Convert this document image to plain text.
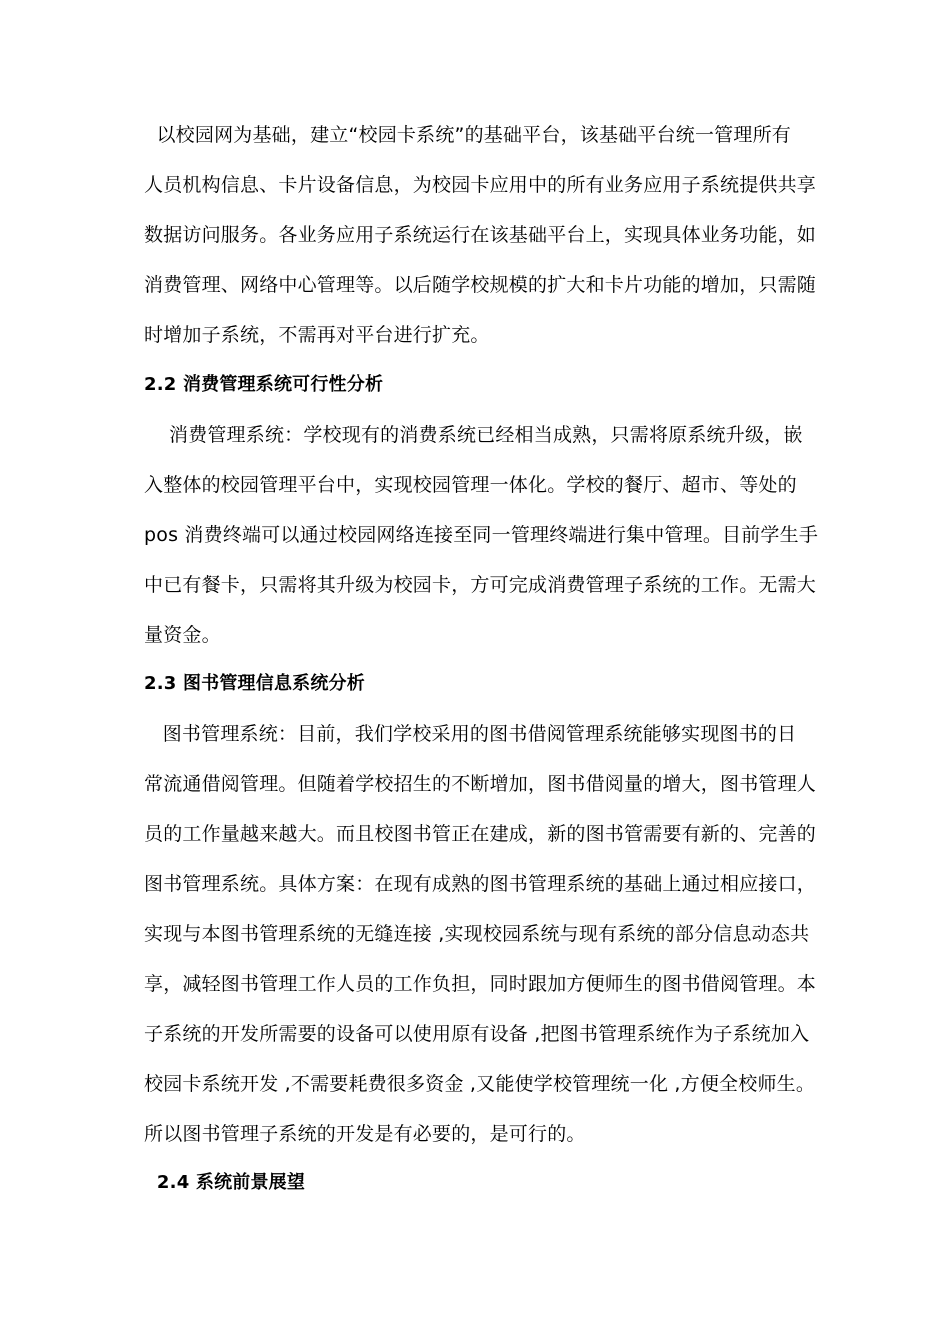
以校园网为基础，建立“校园卡系统”的基础平台，该基础平台统一管理所有
人员机构信息、卡片设备信息，为校园卡应用中的所有业务应用子系统提供共享
数据访问服务。各业务应用子系统运行在该基础平台上，实现具体业务功能，如
消费管理、网络中心管理等。以后随学校规模的扩大和卡片功能的增加，只需随
时增加子系统，不需再对平台进行扩充。
2.2 消费管理系统可行性分析
消费管理系统：学校现有的消费系统已经相当成熟，只需将原系统升级，嵌
入整体的校园管理平台中，实现校园管理一体化。学校的餐厅、超市、等处的
pos 消费终端可以通过校园网络连接至同一管理终端进行集中管理。目前学生手
中已有餐卡，只需将其升级为校园卡，方可完成消费管理子系统的工作。无需大
量资金。
2.3 图书管理信息系统分析
图书管理系统：目前，我们学校采用的图书借阅管理系统能够实现图书的日
常流通借阅管理。但随着学校招生的不断增加，图书借阅量的增大，图书管理人
员的工作量越来越大。而且校图书管正在建成，新的图书管需要有新的、完善的
图书管理系统。具体方案：在现有成熟的图书管理系统的基础上通过相应接口，
实现与本图书管理系统的无缝连接 ,实现校园系统与现有系统的部分信息动态共
享，减轻图书管理工作人员的工作负担，同时跟加方便师生的图书借阅管理。本
子系统的开发所需要的设备可以使用原有设备 ,把图书管理系统作为子系统加入
校园卡系统开发 ,不需要耗费很多资金 ,又能使学校管理统一化 ,方便全校师生。
所以图书管理子系统的开发是有必要的，是可行的。
2.4 系统前景展望
